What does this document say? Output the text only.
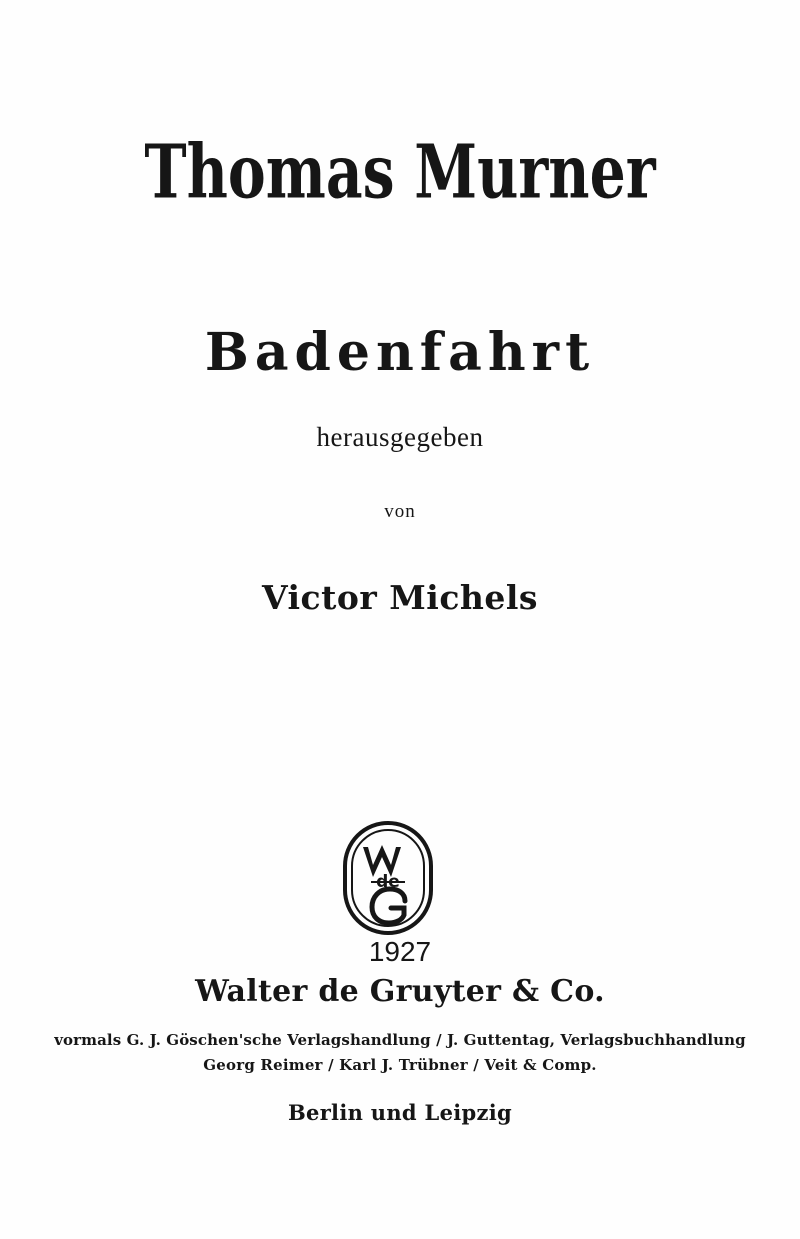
Thomas Murner
Badenfahrt
herausgegeben
von
Victor Michels
de
1927
Walter de Gruyter & Co.
vormals G. J. Göschen'sche Verlagshandlung / J. Guttentag, Verlagsbuchhandlung
Georg Reimer / Karl J. Trübner / Veit & Comp.
Berlin und Leipzig
